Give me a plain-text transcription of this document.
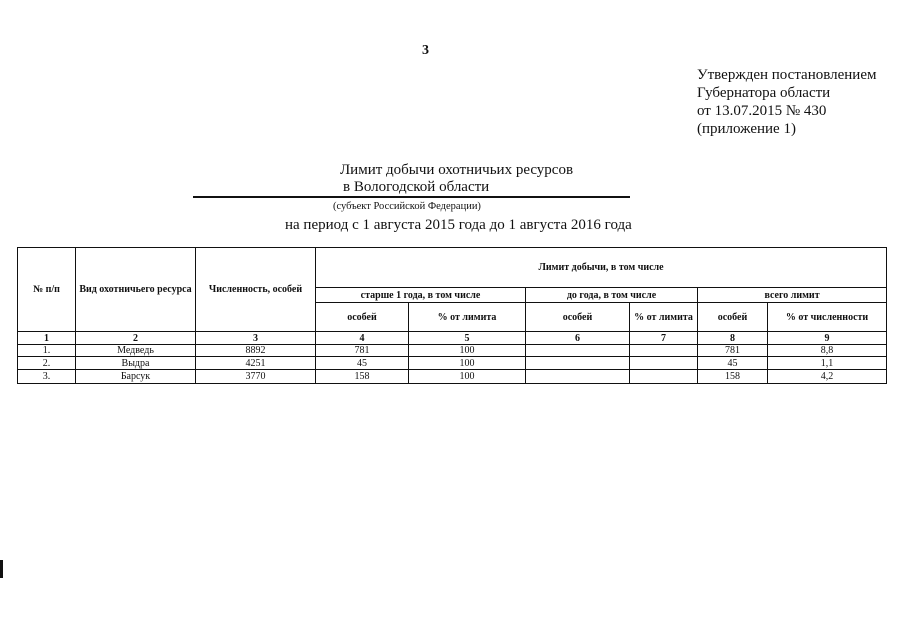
3
Утвержден постановлением
Губернатора области
от 13.07.2015 № 430
(приложение 1)
Лимит добычи охотничьих ресурсов
в Вологодской области
(субъект Российской Федерации)
на период с 1 августа 2015 года до 1 августа 2016 года
№ п/п	Вид охотничьего ресурса	Численность, особей	Лимит добычи, в том числе					
			старше 1 года, в том числе		до года, в том числе		всего лимит	
			особей	% от лимита	особей	% от лимита	особей	% от численности
1	2	3	4	5	6	7	8	9
1.	Медведь	8892	781	100			781	8,8
2.	Выдра	4251	45	100			45	1,1
3.	Барсук	3770	158	100			158	4,2
